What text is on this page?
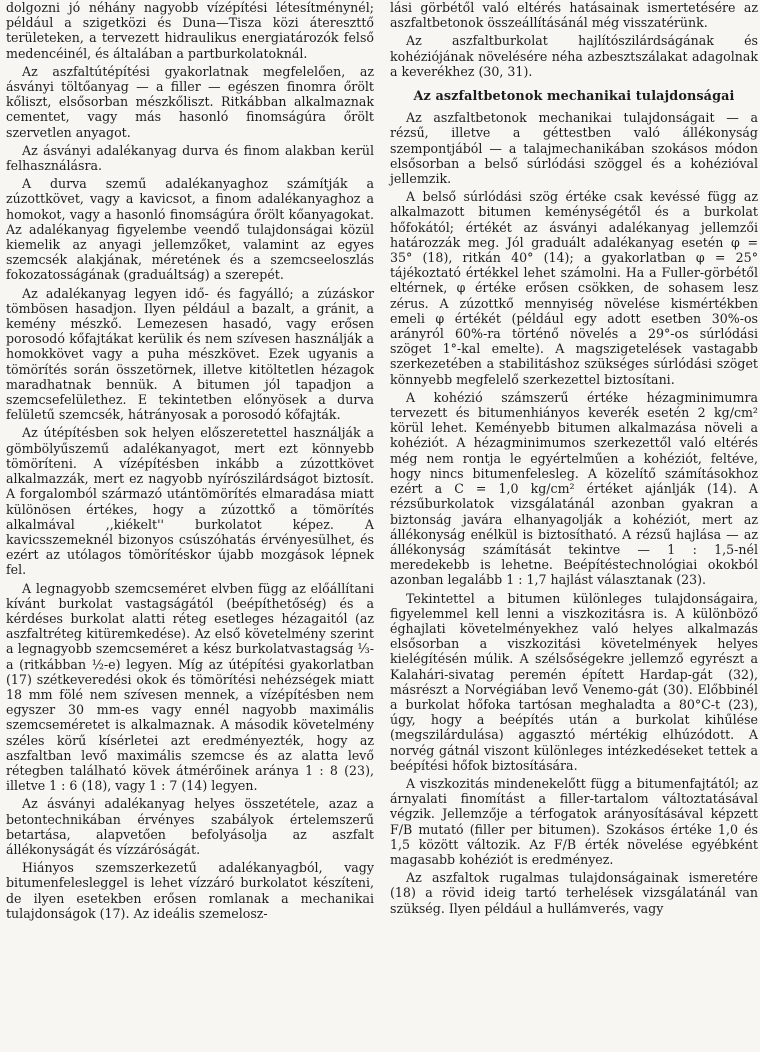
dolgozni jó néhány nagyobb vízépítési létesítménynél; például a szigetközi és Duna—Tisza közi átereszttő területeken, a tervezett hidraulikus energiatározók felső medencéinél, és általában a partburkolatoknál.

Az aszfaltútépítési gyakorlatnak megfelelően, az ásványi töltőanyag — a filler — egészen finomra őrölt kőliszt, elsősorban mészkőliszt. Ritkábban alkalmaznak cementet, vagy más hasonló finomságúra őrölt szervetlen anyagot.

Az ásványi adalékanyag durva és finom alakban kerül felhasználásra.

A durva szemű adalékanyaghoz számítják a zúzottkövet, vagy a kavicsot, a finom adalékanyaghoz a homokot, vagy a hasonló finomságúra őrölt kőanyagokat. Az adalékanyag figyelembe veendő tulajdonságai közül kiemelik az anyagi jellemzőket, valamint az egyes szemcsék alakjának, méretének és a szemcseeloszlás fokozatosságának (graduáltság) a szerepét.

Az adalékanyag legyen idő- és fagyálló; a zúzáskor tömbösen hasadjon. Ilyen például a bazalt, a gránit, a kemény mészkő. Lemezesen hasadó, vagy erősen porosodó kőfajtákat kerülik és nem szívesen használják a homokkövet vagy a puha mészkövet. Ezek ugyanis a tömörítés során összetörnek, illetve kitöltetlen hézagok maradhatnak bennük. A bitumen jól tapadjon a szemcsefelülethez. E tekintetben előnyösek a durva felületű szemcsék, hátrányosak a porosodó kőfajták.

Az útépítésben sok helyen előszeretettel használják a gömbölyűszemű adalékanyagot, mert ezt könnyebb tömöríteni. A vízépítésben inkább a zúzottkövet alkalmazzák, mert ez nagyobb nyírószilárdságot biztosít. A forgalomból származó utántömörítés elmaradása miatt különösen értékes, hogy a zúzottkő a tömörítés alkalmával ,,kiékelt'' burkolatot képez. A kavicsszemeknél bizonyos csúszóhatás érvényesülhet, és ezért az utólagos tömörítéskor újabb mozgások lépnek fel.

A legnagyobb szemcseméret elvben függ az előállítani kívánt burkolat vastagságától (beépíthetőség) és a kérdéses burkolat alatti réteg esetleges hézagaitól (az aszfaltréteg kitüremkedése). Az első követelmény szerint a legnagyobb szemcseméret a kész burkolatvastagság ⅓-a (ritkábban ½-e) legyen. Míg az útépítési gyakorlatban (17) szétkeveredési okok és tömörítési nehézségek miatt 18 mm fölé nem szívesen mennek, a vízépítésben nem egyszer 30 mm-es vagy ennél nagyobb maximális szemcseméretet is alkalmaznak. A második követelmény széles körű kísérletei azt eredményezték, hogy az aszfaltban levő maximális szemcse és az alatta levő rétegben található kövek átmérőinek aránya 1 : 8 (23), illetve 1 : 6 (18), vagy 1 : 7 (14) legyen.

Az ásványi adalékanyag helyes összetétele, azaz a betontechnikában érvényes szabályok értelemszerű betartása, alapvetően befolyásolja az aszfalt állékonyságát és vízzáróságát.

Hiányos szemszerkezetű adalékanyagból, vagy bitumenfelesleggel is lehet vízzáró burkolatot készíteni, de ilyen esetekben erősen romlanak a mechanikai tulajdonságok (17). Az ideális szemelosz-

lási görbétől való eltérés hatásainak ismertetésére az aszfaltbetonok összeállításánál még visszatérünk.

Az aszfaltburkolat hajlítószilárdságának és kohéziójának növelésére néha azbesztszálakat adagolnak a keverékhez (30, 31).

Az aszfaltbetonok mechanikai tulajdonságai

Az aszfaltbetonok mechanikai tulajdonságait — a rézsű, illetve a géttestben való állékonyság szempontjából — a talajmechanikában szokásos módon elsősorban a belső súrlódási szöggel és a kohézióval jellemzik.

A belső súrlódási szög értéke csak kevéssé függ az alkalmazott bitumen keménységétől és a burkolat hőfokától; értékét az ásványi adalékanyag jellemzői határozzák meg. Jól graduált adalékanyag esetén φ = 35° (18), ritkán 40° (14); a gyakorlatban φ = 25° tájékoztató értékkel lehet számolni. Ha a Fuller-görbétől eltérnek, φ értéke erősen csökken, de sohasem lesz zérus. A zúzottkő mennyiség növelése kismértékben emeli φ értékét (például egy adott esetben 30%-os arányról 60%-ra történő növelés a 29°-os súrlódási szöget 1°-kal emelte). A magszigetelések vastagabb szerkezetében a stabilitáshoz szükséges súrlódási szöget könnyebb megfelelő szerkezettel biztosítani.

A kohézió számszerű értéke hézagminimumra tervezett és bitumenhiányos keverék esetén 2 kg/cm² körül lehet. Keményebb bitumen alkalmazása növeli a kohéziót. A hézagminimumos szerkezettől való eltérés még nem rontja le egyértelműen a kohéziót, feltéve, hogy nincs bitumenfelesleg. A közelítő számításokhoz ezért a C = 1,0 kg/cm² értéket ajánlják (14). A rézsűburkolatok vizsgálatánál azonban gyakran a biztonság javára elhanyagolják a kohéziót, mert az állékonyság enélkül is biztosítható. A rézsű hajlása — az állékonyság számítását tekintve — 1 : 1,5-nél meredekebb is lehetne. Beépítéstechnológiai okokból azonban legalább 1 : 1,7 hajlást választanak (23).

Tekintettel a bitumen különleges tulajdonságaira, figyelemmel kell lenni a viszkozitásra is. A különböző éghajlati követelményekhez való helyes alkalmazás elsősorban a viszkozitási követelmények helyes kielégítésén múlik. A szélsőségekre jellemző egyrészt a Kalahári-sivatag peremén épített Hardap-gát (32), másrészt a Norvégiában levő Venemo-gát (30). Előbbinél a burkolat hőfoka tartósan meghaladta a 80°C-t (23), úgy, hogy a beépítés után a burkolat kihűlése (megszilárdulása) aggasztó mértékig elhúzódott. A norvég gátnál viszont különleges intézkedéseket tettek a beépítési hőfok biztosítására.

A viszkozitás mindenekelőtt függ a bitumenfajtától; az árnyalati finomítást a filler-tartalom változtatásával végzik. Jellemzője a térfogatok arányosításával képzett F/B mutató (filler per bitumen). Szokásos értéke 1,0 és 1,5 között változik. Az F/B érték növelése egyébként magasabb kohéziót is eredményez.

Az aszfaltok rugalmas tulajdonságainak ismeretére (18) a rövid ideig tartó terhelések vizsgálatánál van szükség. Ilyen például a hullámverés, vagy
